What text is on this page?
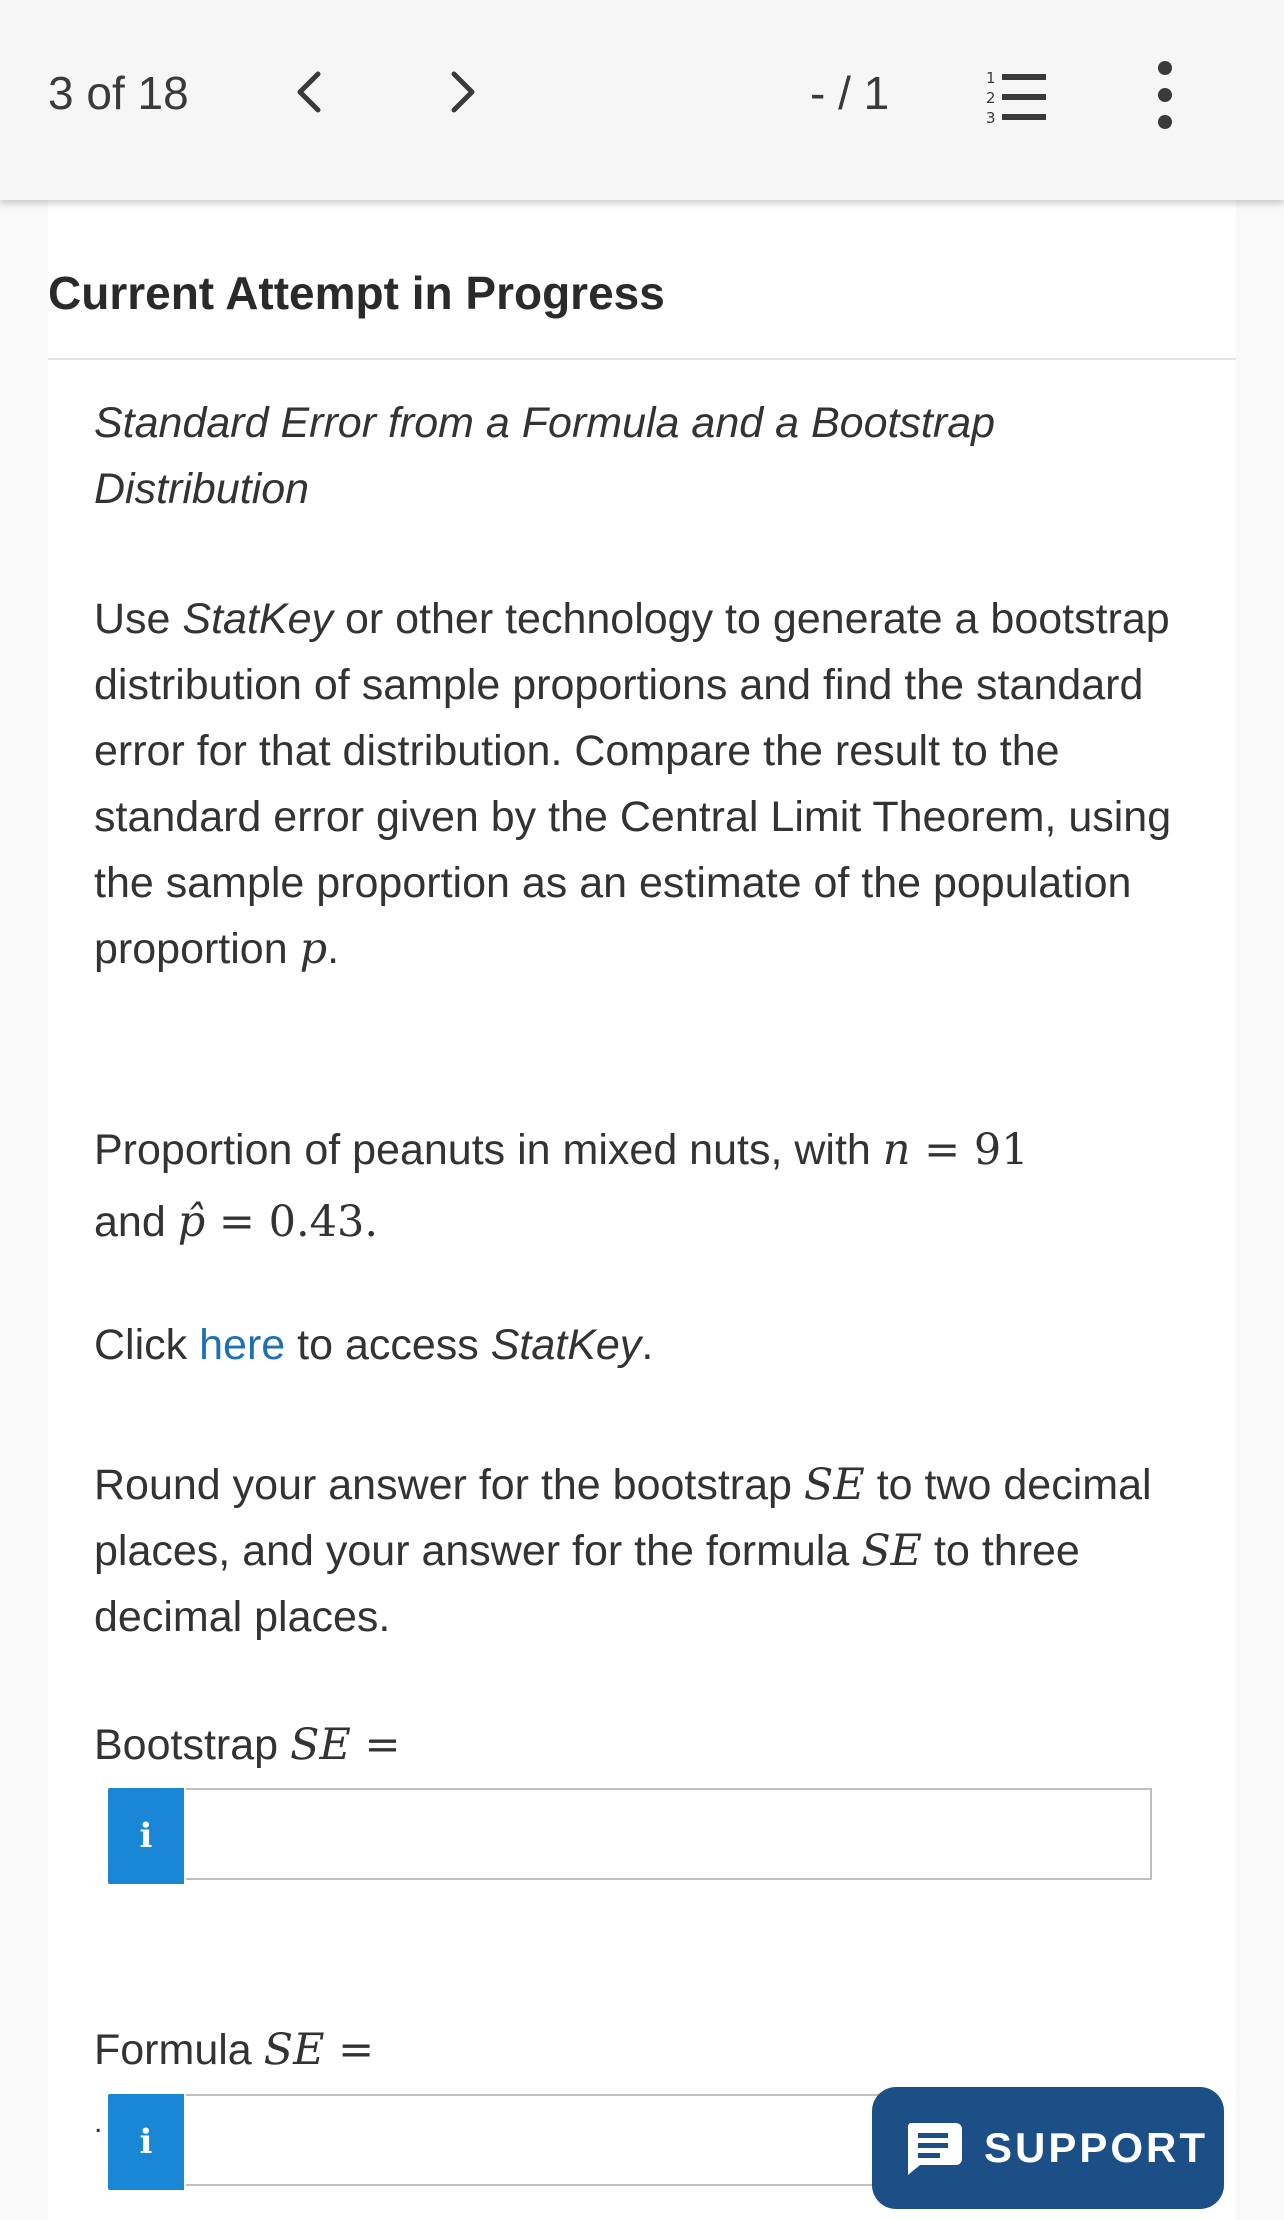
3 of 18	- / 1	1
2
3
Current Attempt in Progress
Standard Error from a Formula and a Bootstrap Distribution
Use StatKey or other technology to generate a bootstrap distribution of sample proportions and find the standard error for that distribution. Compare the result to the standard error given by the Central Limit Theorem, using the sample proportion as an estimate of the population proportion p.
Proportion of peanuts in mixed nuts, with n = 91
and p̂ = 0.43.
Click here to access StatKey.
Round your answer for the bootstrap SE to two decimal places, and your answer for the formula SE to three decimal places.
Bootstrap SE =
i
.
Formula SE =
i	SUPPORT
